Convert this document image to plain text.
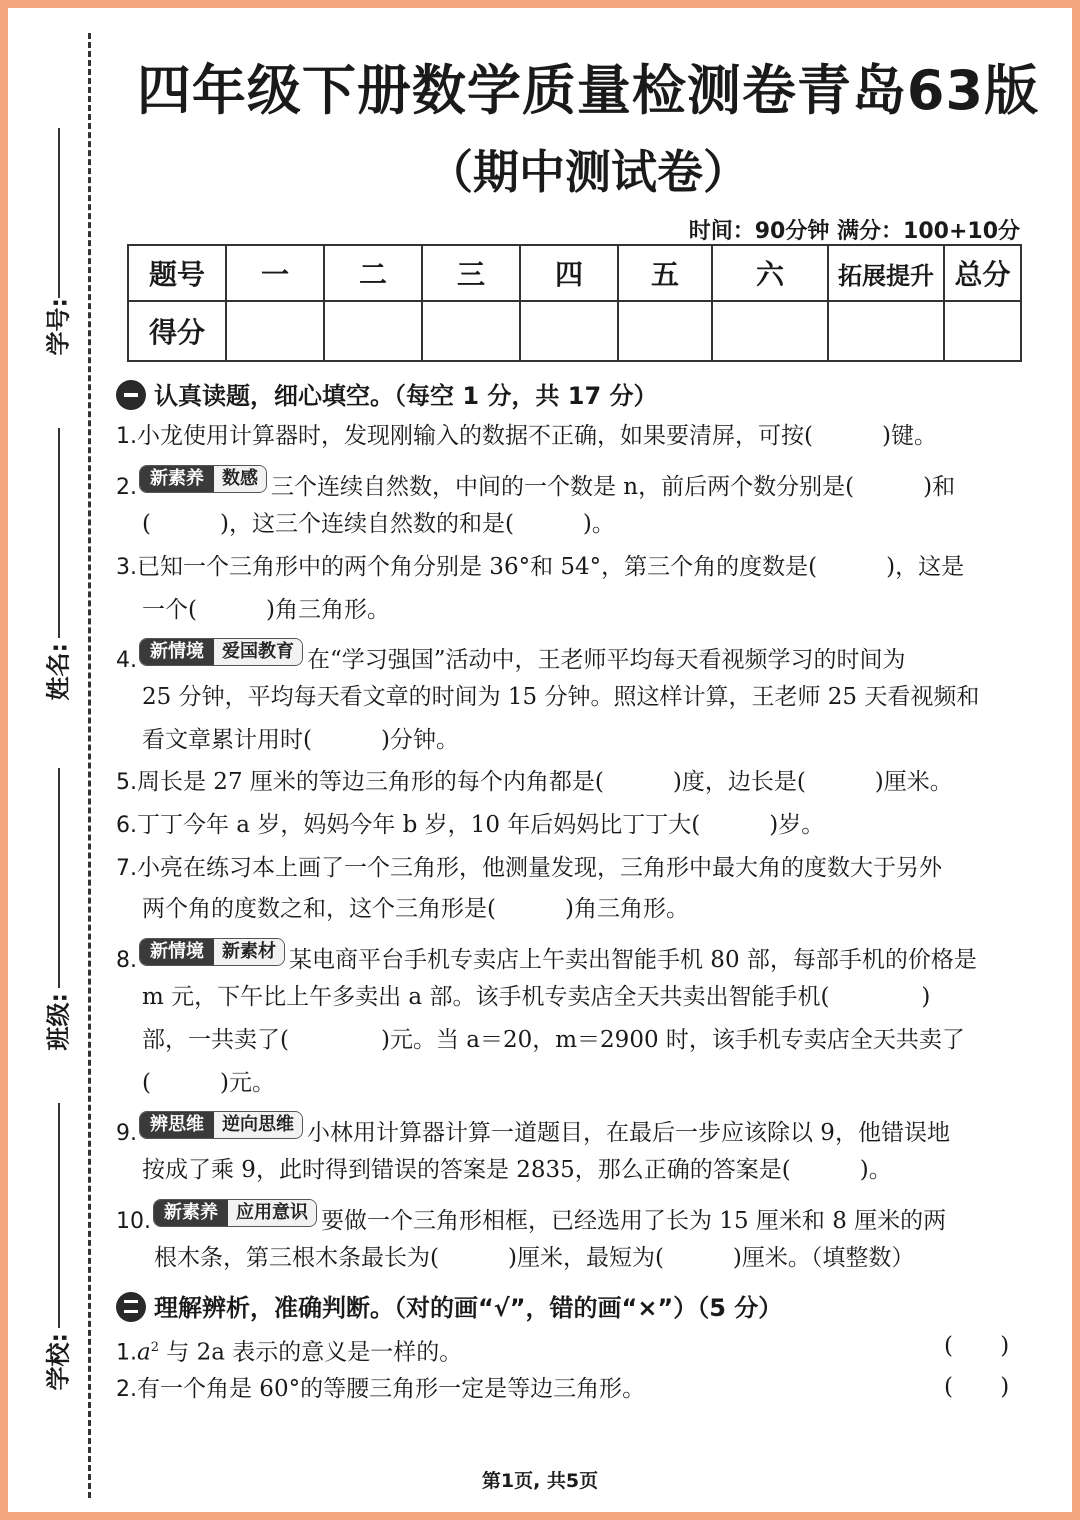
学号:
姓名:
班级:
学校:
四年级下册数学质量检测卷青岛63版
（期中测试卷）
时间：90分钟 满分：100+10分
题号	一	二	三	四	五	六	拓展提升	总分
得分								
认真读题，细心填空。（每空 1 分，共 17 分）
1.小龙使用计算器时，发现刚输入的数据不正确，如果要清屏，可按(　　　)键。
2. 新素养 数感 三个连续自然数，中间的一个数是 n，前后两个数分别是(　　　)和
(　　　)，这三个连续自然数的和是(　　　)。
3.已知一个三角形中的两个角分别是 36°和 54°，第三个角的度数是(　　　)，这是
一个(　　　)角三角形。
4. 新情境 爱国教育 在“学习强国”活动中，王老师平均每天看视频学习的时间为
25 分钟，平均每天看文章的时间为 15 分钟。照这样计算，王老师 25 天看视频和
看文章累计用时(　　　)分钟。
5.周长是 27 厘米的等边三角形的每个内角都是(　　　)度，边长是(　　　)厘米。
6.丁丁今年 a 岁，妈妈今年 b 岁，10 年后妈妈比丁丁大(　　　)岁。
7.小亮在练习本上画了一个三角形，他测量发现，三角形中最大角的度数大于另外
两个角的度数之和，这个三角形是(　　　)角三角形。
8. 新情境 新素材 某电商平台手机专卖店上午卖出智能手机 80 部，每部手机的价格是
m 元，下午比上午多卖出 a 部。该手机专卖店全天共卖出智能手机(　　　　)
部，一共卖了(　　　　)元。当 a＝20，m＝2900 时，该手机专卖店全天共卖了
(　　　)元。
9. 辨思维 逆向思维 小林用计算器计算一道题目，在最后一步应该除以 9，他错误地
按成了乘 9，此时得到错误的答案是 2835，那么正确的答案是(　　　)。
10. 新素养 应用意识 要做一个三角形相框，已经选用了长为 15 厘米和 8 厘米的两
根木条，第三根木条最长为(　　　)厘米，最短为(　　　)厘米。（填整数）
理解辨析，准确判断。（对的画“√”，错的画“×”）（5 分）
$1.a^2$ 与 2a 表示的意义是一样的。	( )
2.有一个角是 60°的等腰三角形一定是等边三角形。	( )
第1页, 共5页
